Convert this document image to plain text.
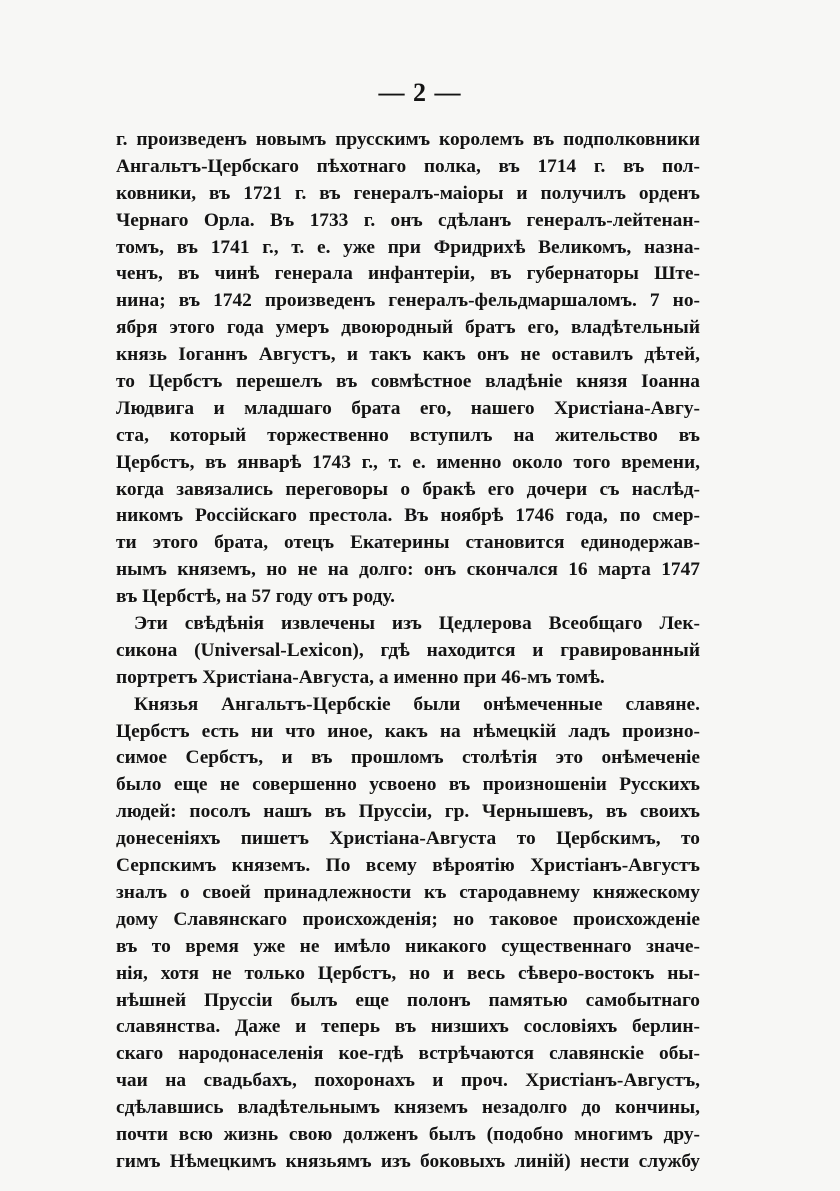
— 2 —
г. произведенъ новымъ прусскимъ королемъ въ подполковники
Ангальтъ-Цербскаго пѣхотнаго полка, въ 1714 г. въ пол-
ковники, въ 1721 г. въ генералъ-маіоры и получилъ орденъ
Чернаго Орла. Въ 1733 г. онъ сдѣланъ генералъ-лейтенан-
томъ, въ 1741 г., т. е. уже при Фридрихѣ Великомъ, назна-
ченъ, въ чинѣ генерала инфантеріи, въ губернаторы Ште-
нина; въ 1742 произведенъ генералъ-фельдмаршаломъ. 7 но-
ября этого года умеръ двоюродный братъ его, владѣтельный
князь Іоганнъ Августъ, и такъ какъ онъ не оставилъ дѣтей,
то Цербстъ перешелъ въ совмѣстное владѣніе князя Іоанна
Людвига и младшаго брата его, нашего Христіана-Авгу-
ста, который торжественно вступилъ на жительство въ
Цербстъ, въ январѣ 1743 г., т. е. именно около того времени,
когда завязались переговоры о бракѣ его дочери съ наслѣд-
никомъ Россійскаго престола. Въ ноябрѣ 1746 года, по смер-
ти этого брата, отецъ Екатерины становится единодержав-
нымъ княземъ, но не на долго: онъ скончался 16 марта 1747
въ Цербстѣ, на 57 году отъ роду.
Эти свѣдѣнія извлечены изъ Цедлерова Всеобщаго Лек-
сикона (Universal-Lexicon), гдѣ находится и гравированный
портретъ Христіана-Августа, а именно при 46-мъ томѣ.
Князья Ангальтъ-Цербскіе были онѣмеченные славяне.
Цербстъ есть ни что иное, какъ на нѣмецкій ладъ произно-
симое Сербстъ, и въ прошломъ столѣтія это онѣмеченіе
было еще не совершенно усвоено въ произношеніи Русскихъ
людей: посолъ нашъ въ Пруссіи, гр. Чернышевъ, въ своихъ
донесеніяхъ пишетъ Христіана-Августа то Цербскимъ, то
Серпскимъ княземъ. По всему вѣроятію Христіанъ-Августъ
зналъ о своей принадлежности къ стародавнему княжескому
дому Славянскаго происхожденія; но таковое происхожденіе
въ то время уже не имѣло никакого существеннаго значе-
нія, хотя не только Цербстъ, но и весь сѣверо-востокъ ны-
нѣшней Пруссіи былъ еще полонъ памятью самобытнаго
славянства. Даже и теперь въ низшихъ сословіяхъ берлин-
скаго народонаселенія кое-гдѣ встрѣчаются славянскіе обы-
чаи на свадьбахъ, похоронахъ и проч. Христіанъ-Августъ,
сдѣлавшись владѣтельнымъ княземъ незадолго до кончины,
почти всю жизнь свою долженъ былъ (подобно многимъ дру-
гимъ Нѣмецкимъ князьямъ изъ боковыхъ линій) нести службу
